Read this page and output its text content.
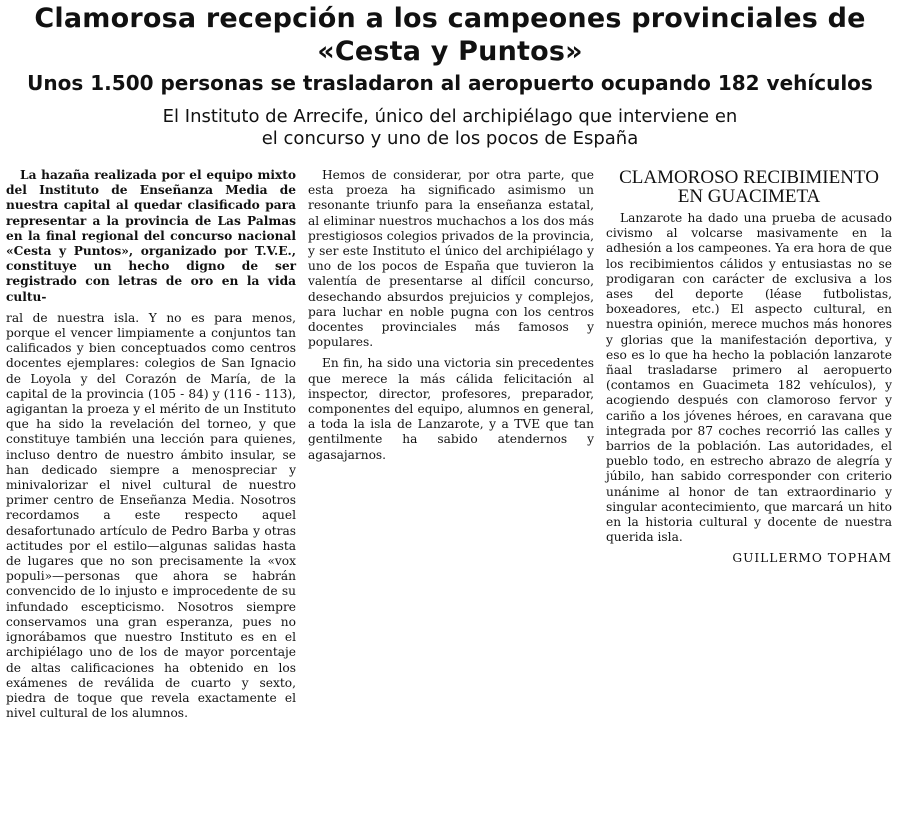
Clamorosa recepción a los campeones provinciales de «Cesta y Puntos»
Unos 1.500 personas se trasladaron al aeropuerto ocupando 182 vehículos
El Instituto de Arrecife, único del archipiélago que interviene en
el concurso y uno de los pocos de España

La hazaña realizada por el equipo mixto del Instituto de Enseñanza Media de nuestra capital al quedar clasificado para representar a la provincia de Las Palmas en la final regional del concurso nacional «Cesta y Puntos», organizado por T.V.E., constituye un hecho digno de ser registrado con letras de oro en la vida cultu-

ral de nuestra isla. Y no es para menos, porque el vencer limpiamente a conjuntos tan calificados y bien conceptuados como centros docentes ejemplares: colegios de San Ignacio de Loyola y del Corazón de María, de la capital de la provincia (105 - 84) y (116 - 113), agigantan la proeza y el mérito de un Instituto que ha sido la revelación del torneo, y que constituye también una lección para quienes, incluso dentro de nuestro ámbito insular, se han dedicado siempre a menospreciar y minivalorizar el nivel cultural de nuestro primer centro de Enseñanza Media. Nosotros recordamos a este respecto aquel desafortunado artículo de Pedro Barba y otras actitudes por el estilo—algunas salidas hasta de lugares que no son precisamente la «vox populi»—personas que ahora se habrán convencido de lo injusto e improcedente de su infundado escepticismo. Nosotros siempre conservamos una gran esperanza, pues no ignorábamos que nuestro Instituto es en el archipiélago uno de los de mayor porcentaje de altas calificaciones ha obtenido en los exámenes de reválida de cuarto y sexto, piedra de toque que revela exactamente el nivel cultural de los alumnos.

Hemos de considerar, por otra parte, que esta proeza ha significado asimismo un resonante triunfo para la enseñanza estatal, al eliminar nuestros muchachos a los dos más prestigiosos colegios privados de la provincia, y ser este Instituto el único del archipiélago y uno de los pocos de España que tuvieron la valentía de presentarse al difícil concurso, desechando absurdos prejuicios y complejos, para luchar en noble pugna con los centros docentes provinciales más famosos y populares.

En fin, ha sido una victoria sin precedentes que merece la más cálida felicitación al inspector, director, profesores, preparador, componentes del equipo, alumnos en general, a toda la isla de Lanzarote, y a TVE que tan gentilmente ha sabido atendernos y agasajarnos.

CLAMOROSO RECIBIMIENTO
EN GUACIMETA

Lanzarote ha dado una prueba de acusado civismo al volcarse masivamente en la adhesión a los campeones. Ya era hora de que los recibimientos cálidos y entusiastas no se prodigaran con carácter de exclusiva a los ases del deporte (léase futbolistas, boxeadores, etc.) El aspecto cultural, en nuestra opinión, merece muchos más honores y glorias que la manifestación deportiva, y eso es lo que ha hecho la población lanzarote ñaal trasladarse primero al aeropuerto (contamos en Guacimeta 182 vehículos), y acogiendo después con clamoroso fervor y cariño a los jóvenes héroes, en caravana que integrada por 87 coches recorrió las calles y barrios de la población. Las autoridades, el pueblo todo, en estrecho abrazo de alegría y júbilo, han sabido corresponder con criterio unánime al honor de tan extraordinario y singular acontecimiento, que marcará un hito en la historia cultural y docente de nuestra querida isla.

GUILLERMO TOPHAM
